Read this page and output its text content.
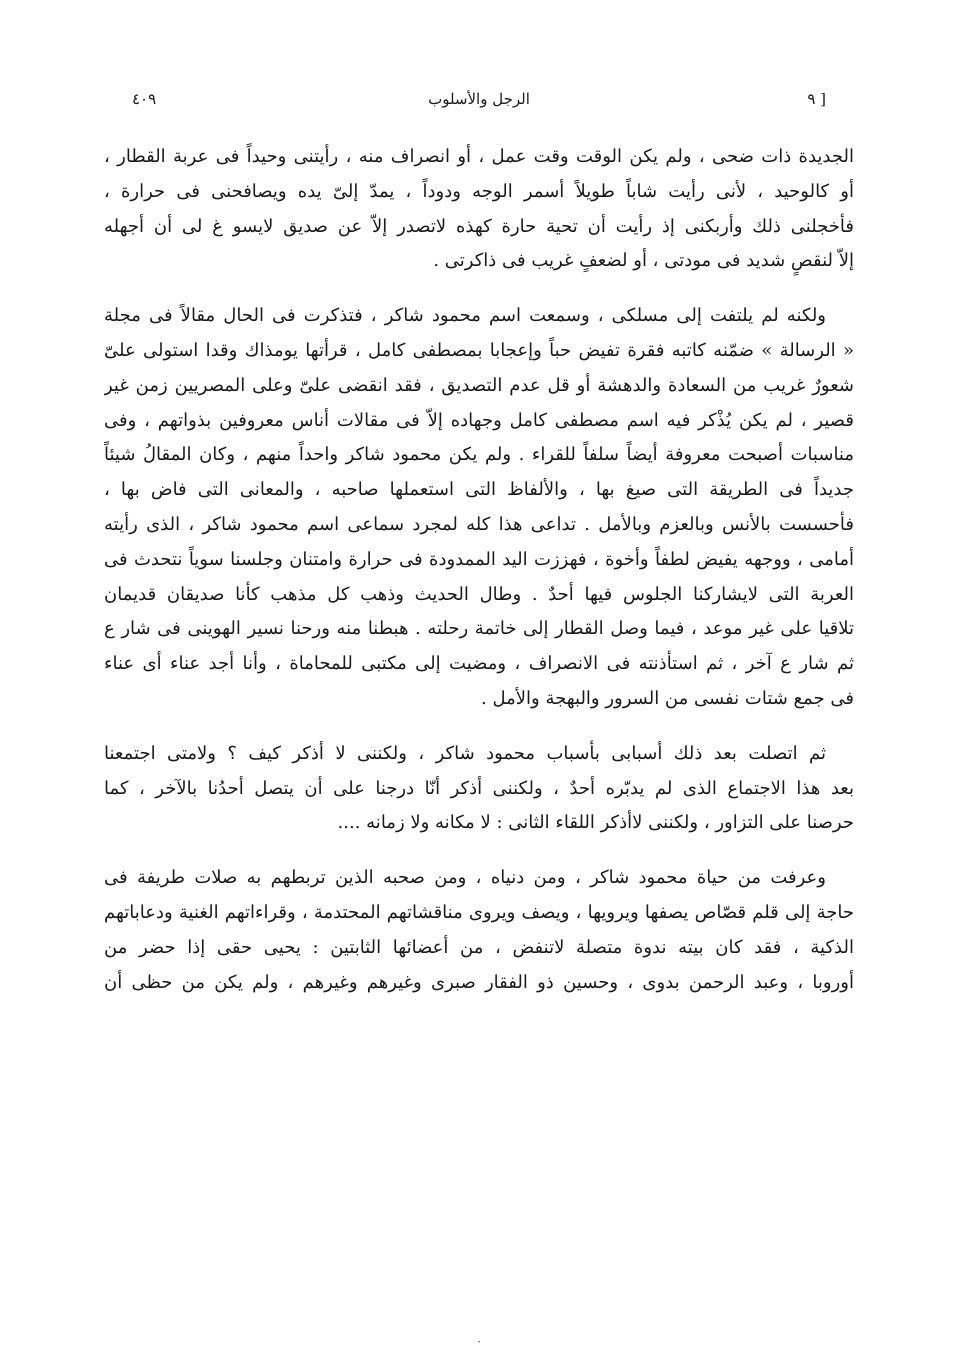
[ ٩
الرجل والأسلوب
٤٠٩

الجديدة ذات ضحى ، ولم يكن الوقت وقت عمل ، أو انصراف منه ، رأيتنى وحيداً فى عربة القطار ،
أو كالوحيد ، لأنى رأيت شاباً طويلاً أسمر الوجه ودوداً ، يمدّ إلىّ يده ويصافحنى فى حرارة ،
فأخجلنى ذلك وأربكنى إذ رأيت أن تحية حارة كهذه لاتصدر إلاّ عن صديق لايسو غ لى أن أجهله
إلاّ لنقصٍ شديد فى مودتى ، أو لضعفٍ غريب فى ذاكرتى .

ولكنه لم يلتفت إلى مسلكى ، وسمعت اسم محمود شاكر ، فتذكرت فى الحال مقالاً فى مجلة
« الرسالة » ضمّنه كاتبه فقرة تفيض حباً وإعجابا بمصطفى كامل ، قرأتها يومذاك وقدا استولى علىّ
شعورٌ غريب من السعادة والدهشة أو قل عدم التصديق ، فقد انقضى علىّ وعلى المصريين زمن غير
قصير ، لم يكن يُذْكر فيه اسم مصطفى كامل وجهاده إلاّ فى مقالات أناس معروفين بذواتهم ، وفى
مناسبات أصبحت معروفة أيضاً سلفاً للقراء . ولم يكن محمود شاكر واحداً منهم ، وكان المقالُ شيئاً
جديداً فى الطريقة التى صيغ بها ، والألفاظ التى استعملها صاحبه ، والمعانى التى فاض بها ،
فأحسست بالأنس وبالعزم وبالأمل . تداعى هذا كله لمجرد سماعى اسم محمود شاكر ، الذى رأيته
أمامى ، ووجهه يفيض لطفاً وأخوة ، فهززت اليد الممدودة فى حرارة وامتنان وجلسنا سوياً نتحدث فى
العربة التى لايشاركنا الجلوس فيها أحدٌ . وطال الحديث وذهب كل مذهب كأنا صديقان قديمان
تلاقيا على غير موعد ، فيما وصل القطار إلى خاتمة رحلته . هبطنا منه ورحنا نسير الهوينى فى شار ع
ثم شار ع آخر ، ثم استأذنته فى الانصراف ، ومضيت إلى مكتبى للمحاماة ، وأنا أجد عناء أى عناء
فى جمع شتات نفسى من السرور والبهجة والأمل .

ثم اتصلت بعد ذلك أسبابى بأسباب محمود شاكر ، ولكننى لا أذكر كيف ؟ ولامتى اجتمعنا
بعد هذا الاجتماع الذى لم يدبّره أحدٌ ، ولكننى أذكر أنّا درجنا على أن يتصل أحدُنا بالآخر ، كما
حرصنا على التزاور ، ولكننى لاأذكر اللقاء الثانى : لا مكانه ولا زمانه ....

وعرفت من حياة محمود شاكر ، ومن دنياه ، ومن صحبه الذين تربطهم به صلات طريفة فى
حاجة إلى قلم قصّاص يصفها ويرويها ، ويصف ويروى مناقشاتهم المحتدمة ، وقراءاتهم الغنية ودعاباتهم
الذكية ، فقد كان بيته ندوة متصلة لاتنفض ، من أعضائها الثابتين : يحيى حقى إذا حضر من
أوروبا ، وعبد الرحمن بدوى ، وحسين ذو الفقار صبرى وغيرهم وغيرهم ، ولم يكن من حظى أن

·
